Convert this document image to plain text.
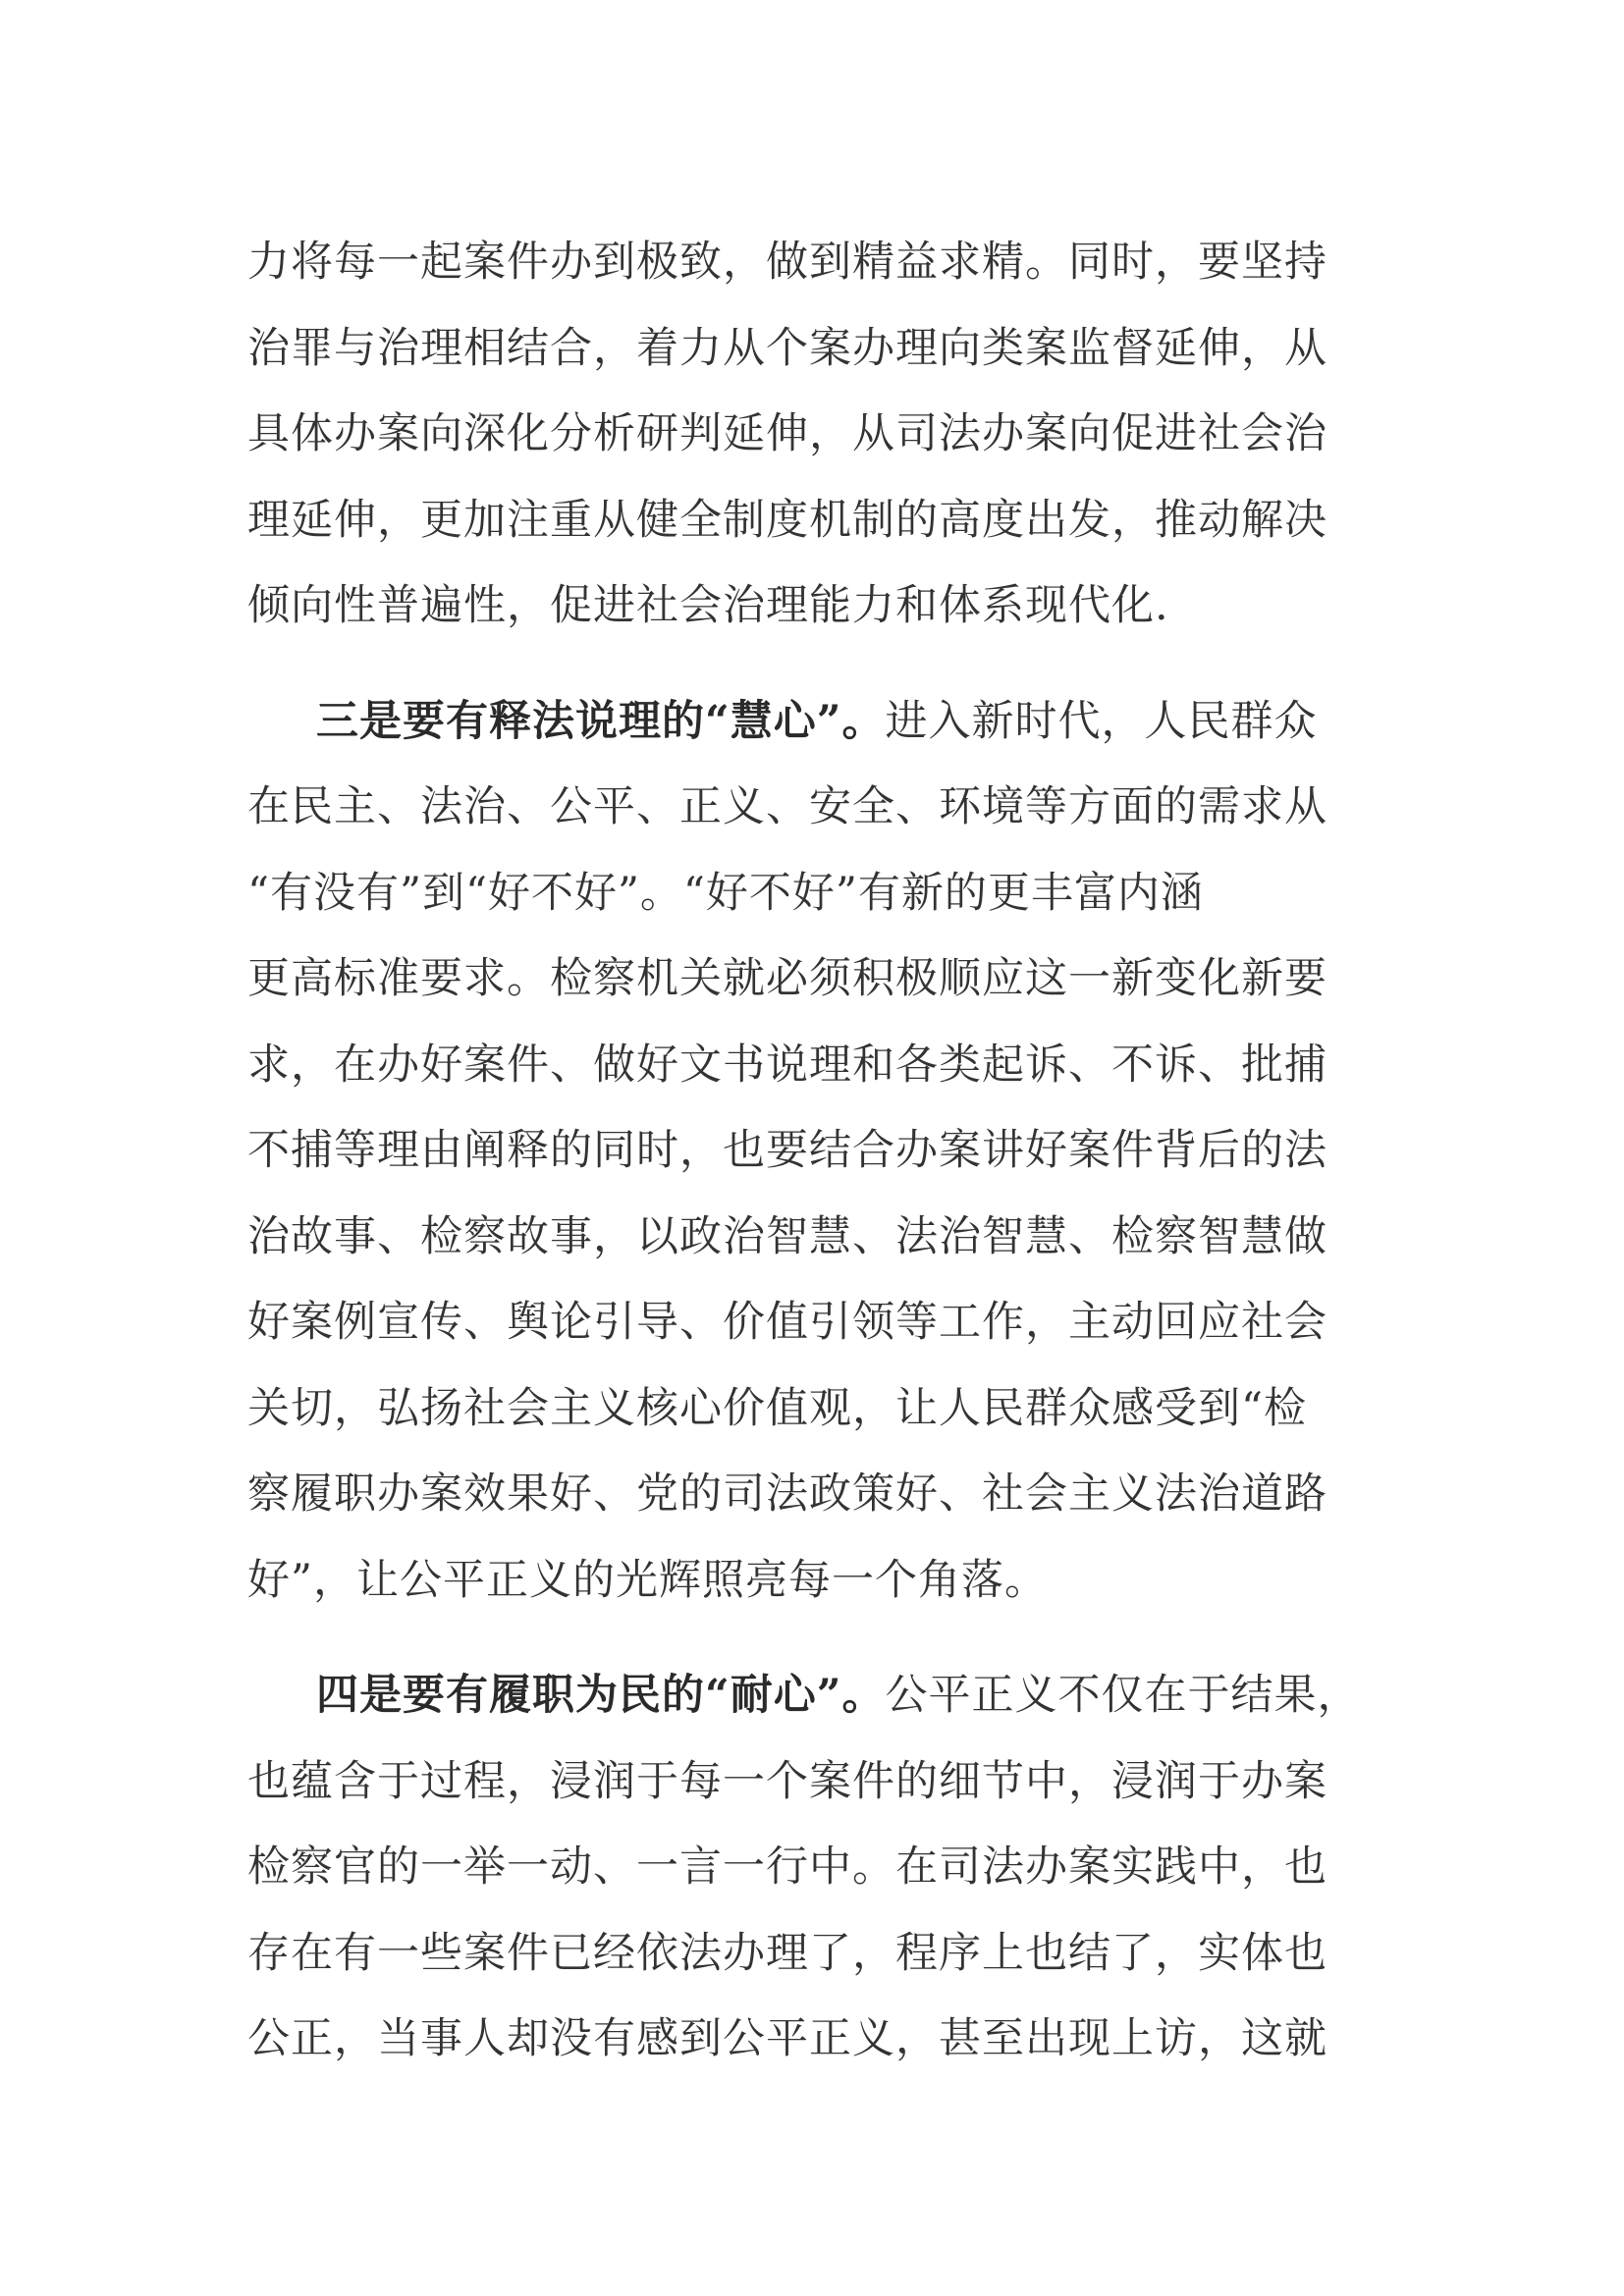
力将每一起案件办到极致，做到精益求精。同时，要坚持
治罪与治理相结合，着力从个案办理向类案监督延伸，从
具体办案向深化分析研判延伸，从司法办案向促进社会治
理延伸，更加注重从健全制度机制的高度出发，推动解决
倾向性普遍性，促进社会治理能力和体系现代化.
三是要有释法说理的“慧心”。进入新时代，人民群众
在民主、法治、公平、正义、安全、环境等方面的需求从
“有没有”到“好不好”。“好不好”有新的更丰富内涵
更高标准要求。检察机关就必须积极顺应这一新变化新要
求，在办好案件、做好文书说理和各类起诉、不诉、批捕
不捕等理由阐释的同时，也要结合办案讲好案件背后的法
治故事、检察故事，以政治智慧、法治智慧、检察智慧做
好案例宣传、舆论引导、价值引领等工作，主动回应社会
关切，弘扬社会主义核心价值观，让人民群众感受到“检
察履职办案效果好、党的司法政策好、社会主义法治道路
好”，让公平正义的光辉照亮每一个角落。
四是要有履职为民的“耐心”。公平正义不仅在于结果，
也蕴含于过程，浸润于每一个案件的细节中，浸润于办案
检察官的一举一动、一言一行中。在司法办案实践中，也
存在有一些案件已经依法办理了，程序上也结了，实体也
公正，当事人却没有感到公平正义，甚至出现上访，这就
